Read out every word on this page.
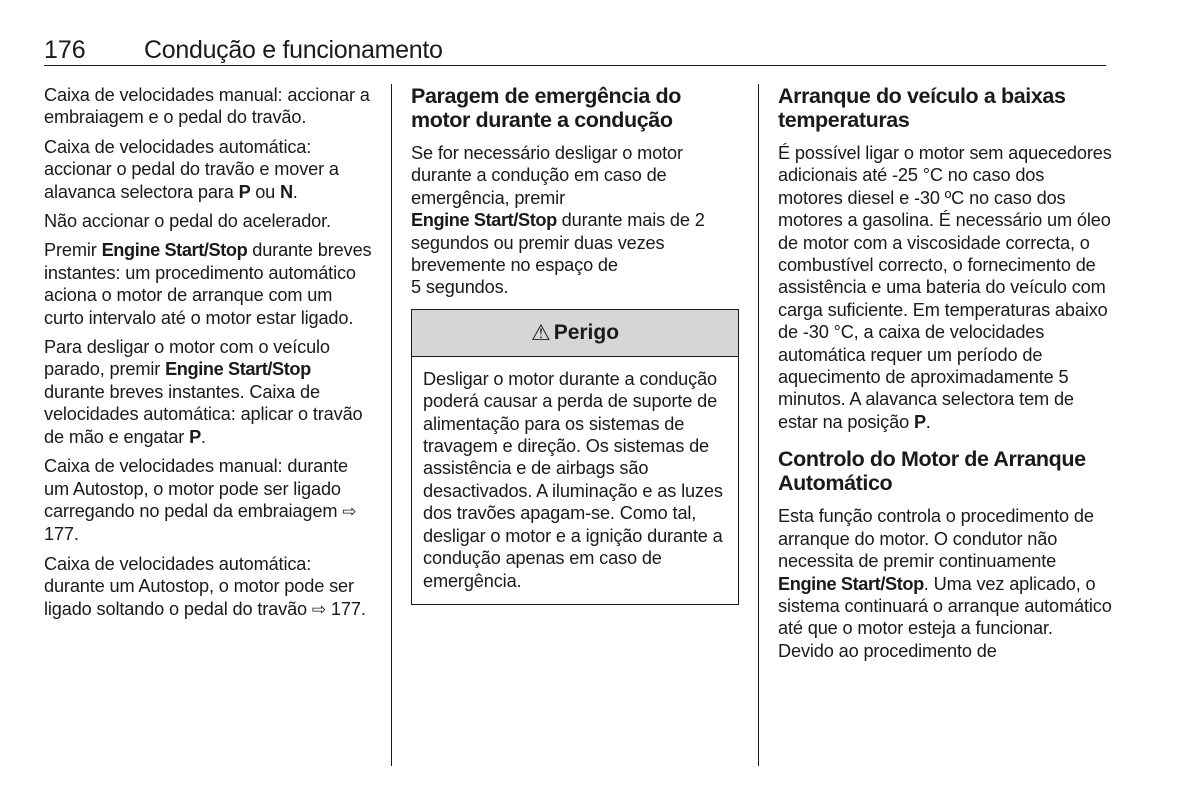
176 Condução e funcionamento

Caixa de velocidades manual: accionar a embraiagem e o pedal do travão.

Caixa de velocidades automática: accionar o pedal do travão e mover a alavanca selectora para P ou N.

Não accionar o pedal do acelerador.

Premir Engine Start/Stop durante breves instantes: um procedimento automático aciona o motor de arranque com um curto intervalo até o motor estar ligado.

Para desligar o motor com o veículo parado, premir Engine Start/Stop durante breves instantes. Caixa de velocidades automática: aplicar o travão de mão e engatar P.

Caixa de velocidades manual: durante um Autostop, o motor pode ser ligado carregando no pedal da embraiagem ⇨ 177.

Caixa de velocidades automática: durante um Autostop, o motor pode ser ligado soltando o pedal do travão ⇨ 177.

Paragem de emergência do motor durante a condução

Se for necessário desligar o motor durante a condução em caso de emergência, premir
Engine Start/Stop durante mais de 2 segundos ou premir duas vezes brevemente no espaço de
5 segundos.

⚠ Perigo

Desligar o motor durante a condução poderá causar a perda de suporte de alimentação para os sistemas de travagem e direção. Os sistemas de assistência e de airbags são desactivados. A iluminação e as luzes dos travões apagam-se. Como tal, desligar o motor e a ignição durante a condução apenas em caso de emergência.

Arranque do veículo a baixas temperaturas

É possível ligar o motor sem aquecedores adicionais até -25 °C no caso dos motores diesel e -30 ºC no caso dos motores a gasolina. É necessário um óleo de motor com a viscosidade correcta, o combustível correcto, o fornecimento de assistência e uma bateria do veículo com carga suficiente. Em temperaturas abaixo de -30 °C, a caixa de velocidades automática requer um período de aquecimento de aproximadamente 5 minutos. A alavanca selectora tem de estar na posição P.

Controlo do Motor de Arranque Automático

Esta função controla o procedimento de arranque do motor. O condutor não necessita de premir continuamente Engine Start/Stop. Uma vez aplicado, o sistema continuará o arranque automático até que o motor esteja a funcionar. Devido ao procedimento de
